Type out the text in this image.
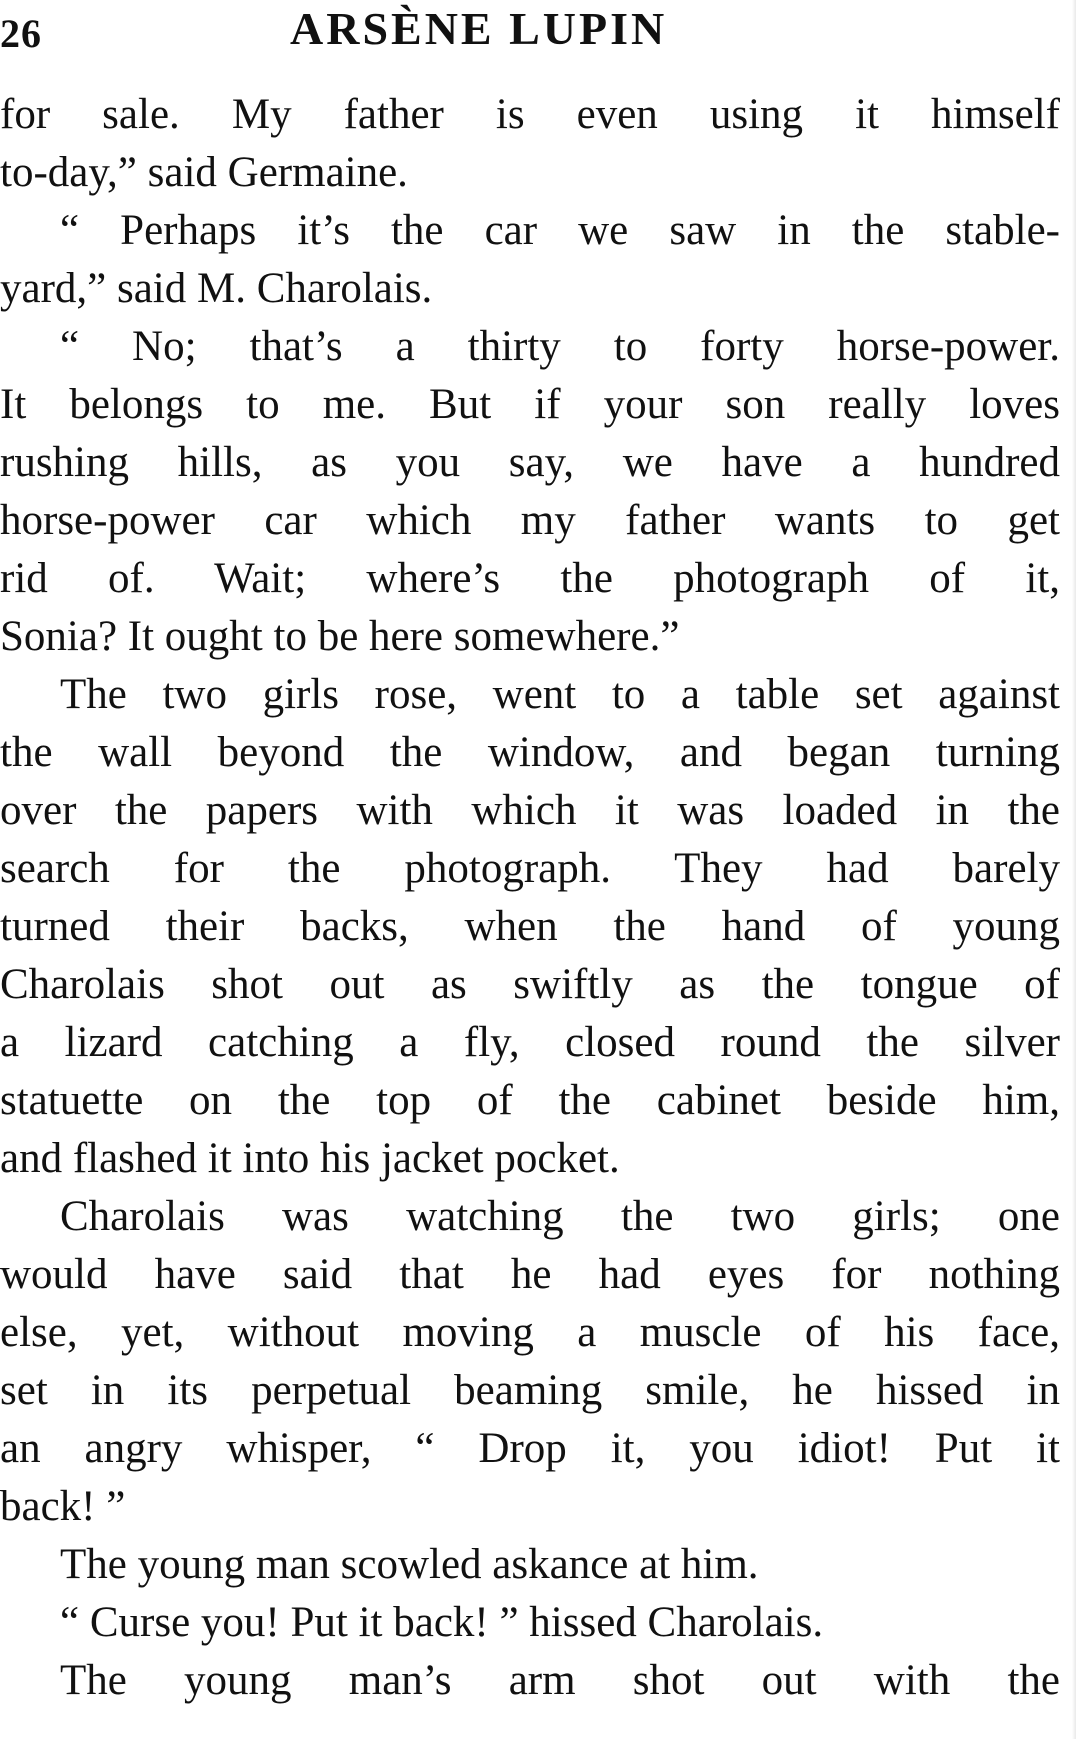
26	ARSÈNE LUPIN
for sale. My father is even using it himself
to-day,” said Germaine.
“ Perhaps it’s the car we saw in the stable-
yard,” said M. Charolais.
“ No; that’s a thirty to forty horse-power.
It belongs to me. But if your son really loves
rushing hills, as you say, we have a hundred
horse-power car which my father wants to get
rid of. Wait; where’s the photograph of it,
Sonia? It ought to be here somewhere.”
The two girls rose, went to a table set against
the wall beyond the window, and began turning
over the papers with which it was loaded in the
search for the photograph. They had barely
turned their backs, when the hand of young
Charolais shot out as swiftly as the tongue of
a lizard catching a fly, closed round the silver
statuette on the top of the cabinet beside him,
and flashed it into his jacket pocket.
Charolais was watching the two girls; one
would have said that he had eyes for nothing
else, yet, without moving a muscle of his face,
set in its perpetual beaming smile, he hissed in
an angry whisper, “ Drop it, you idiot! Put it
back! ”
The young man scowled askance at him.
“ Curse you! Put it back! ” hissed Charolais.
The young man’s arm shot out with the
